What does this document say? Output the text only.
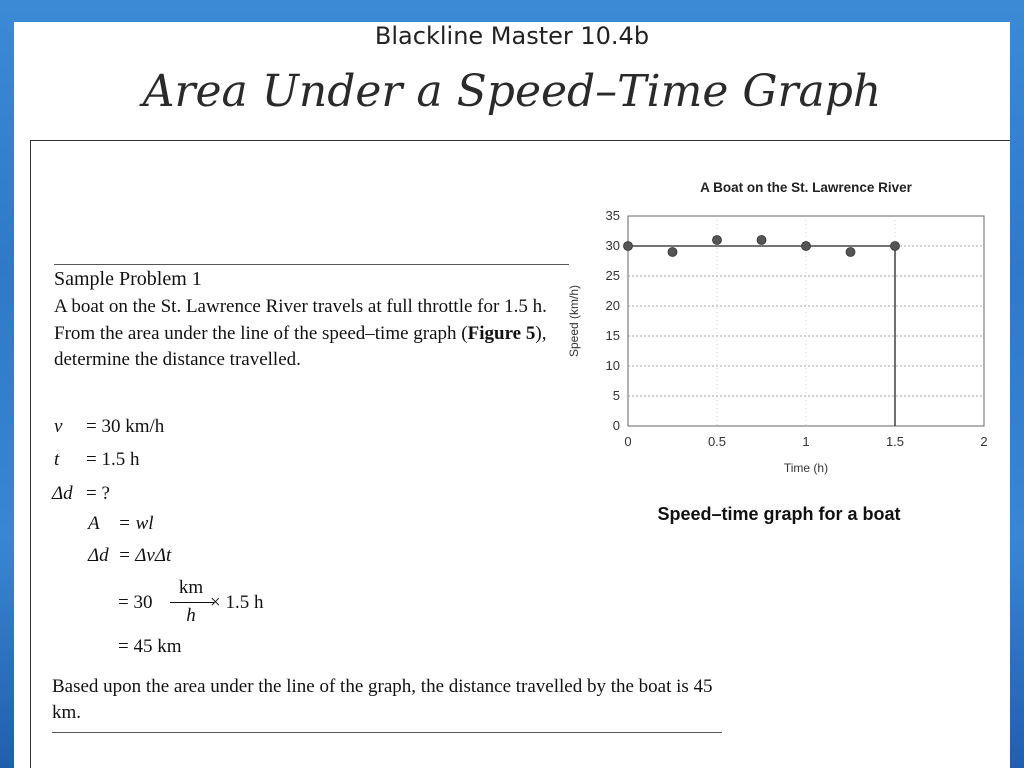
Blackline Master 10.4b
Area Under a Speed–Time Graph
Sample Problem 1
A boat on the St. Lawrence River travels at full throttle for 1.5 h. From the area under the line of the speed–time graph (Figure 5), determine the distance travelled.
v = 30 km/h
t = 1.5 h
Δd = ?
A = wl
Δd = ΔvΔt
= 30
km
h
× 1.5 h
= 45 km
Based upon the area under the line of the graph, the distance travelled by the boat is 45 km.
A Boat on the St. Lawrence River
0
5
10
15
20
25
30
35
0	0.5	1	1.5	2
Time (h)
Speed (km/h)
Speed–time graph for a boat
